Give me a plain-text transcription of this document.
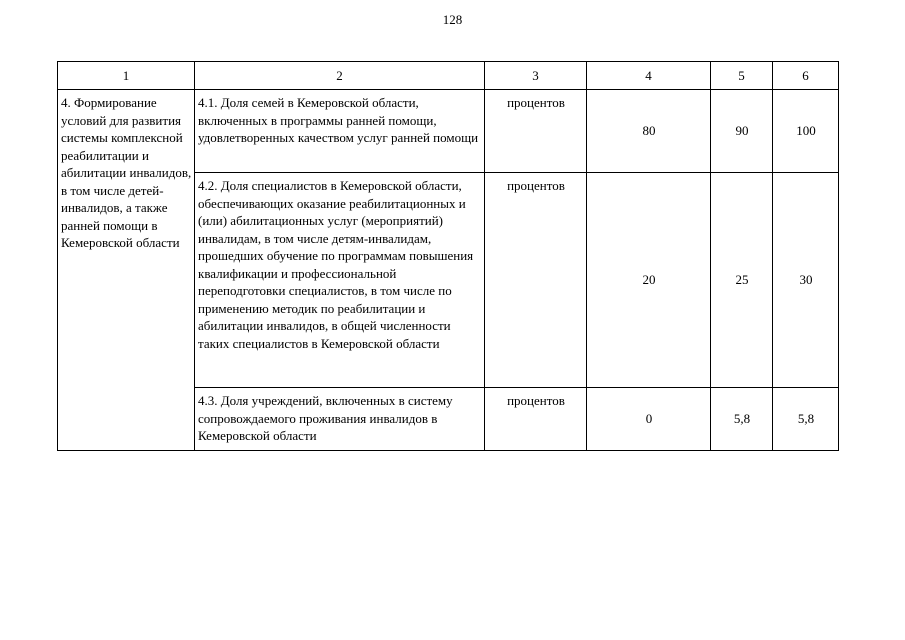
128
1	2	3	4	5	6
4. Формирование условий для развития системы комплексной реабилитации и абилитации инвалидов, в том числе детей-инвалидов, а также ранней помощи в Кемеровской области	4.1. Доля семей в Кемеровской области, включенных в программы ранней помощи, удовлетворенных качеством услуг ранней помощи	процентов	80	90	100
	4.2. Доля специалистов в Кемеровской области, обеспечивающих оказание реабилитационных и (или) абилитационных услуг (мероприятий) инвалидам, в том числе детям-инвалидам, прошедших обучение по программам повышения квалификации и профессиональной переподготовки специалистов, в том числе по применению методик по реабилитации и абилитации инвалидов, в общей численности таких специалистов в Кемеровской области	процентов	20	25	30
	4.3. Доля учреждений, включенных в систему сопровождаемого проживания инвалидов в Кемеровской области	процентов	0	5,8	5,8
